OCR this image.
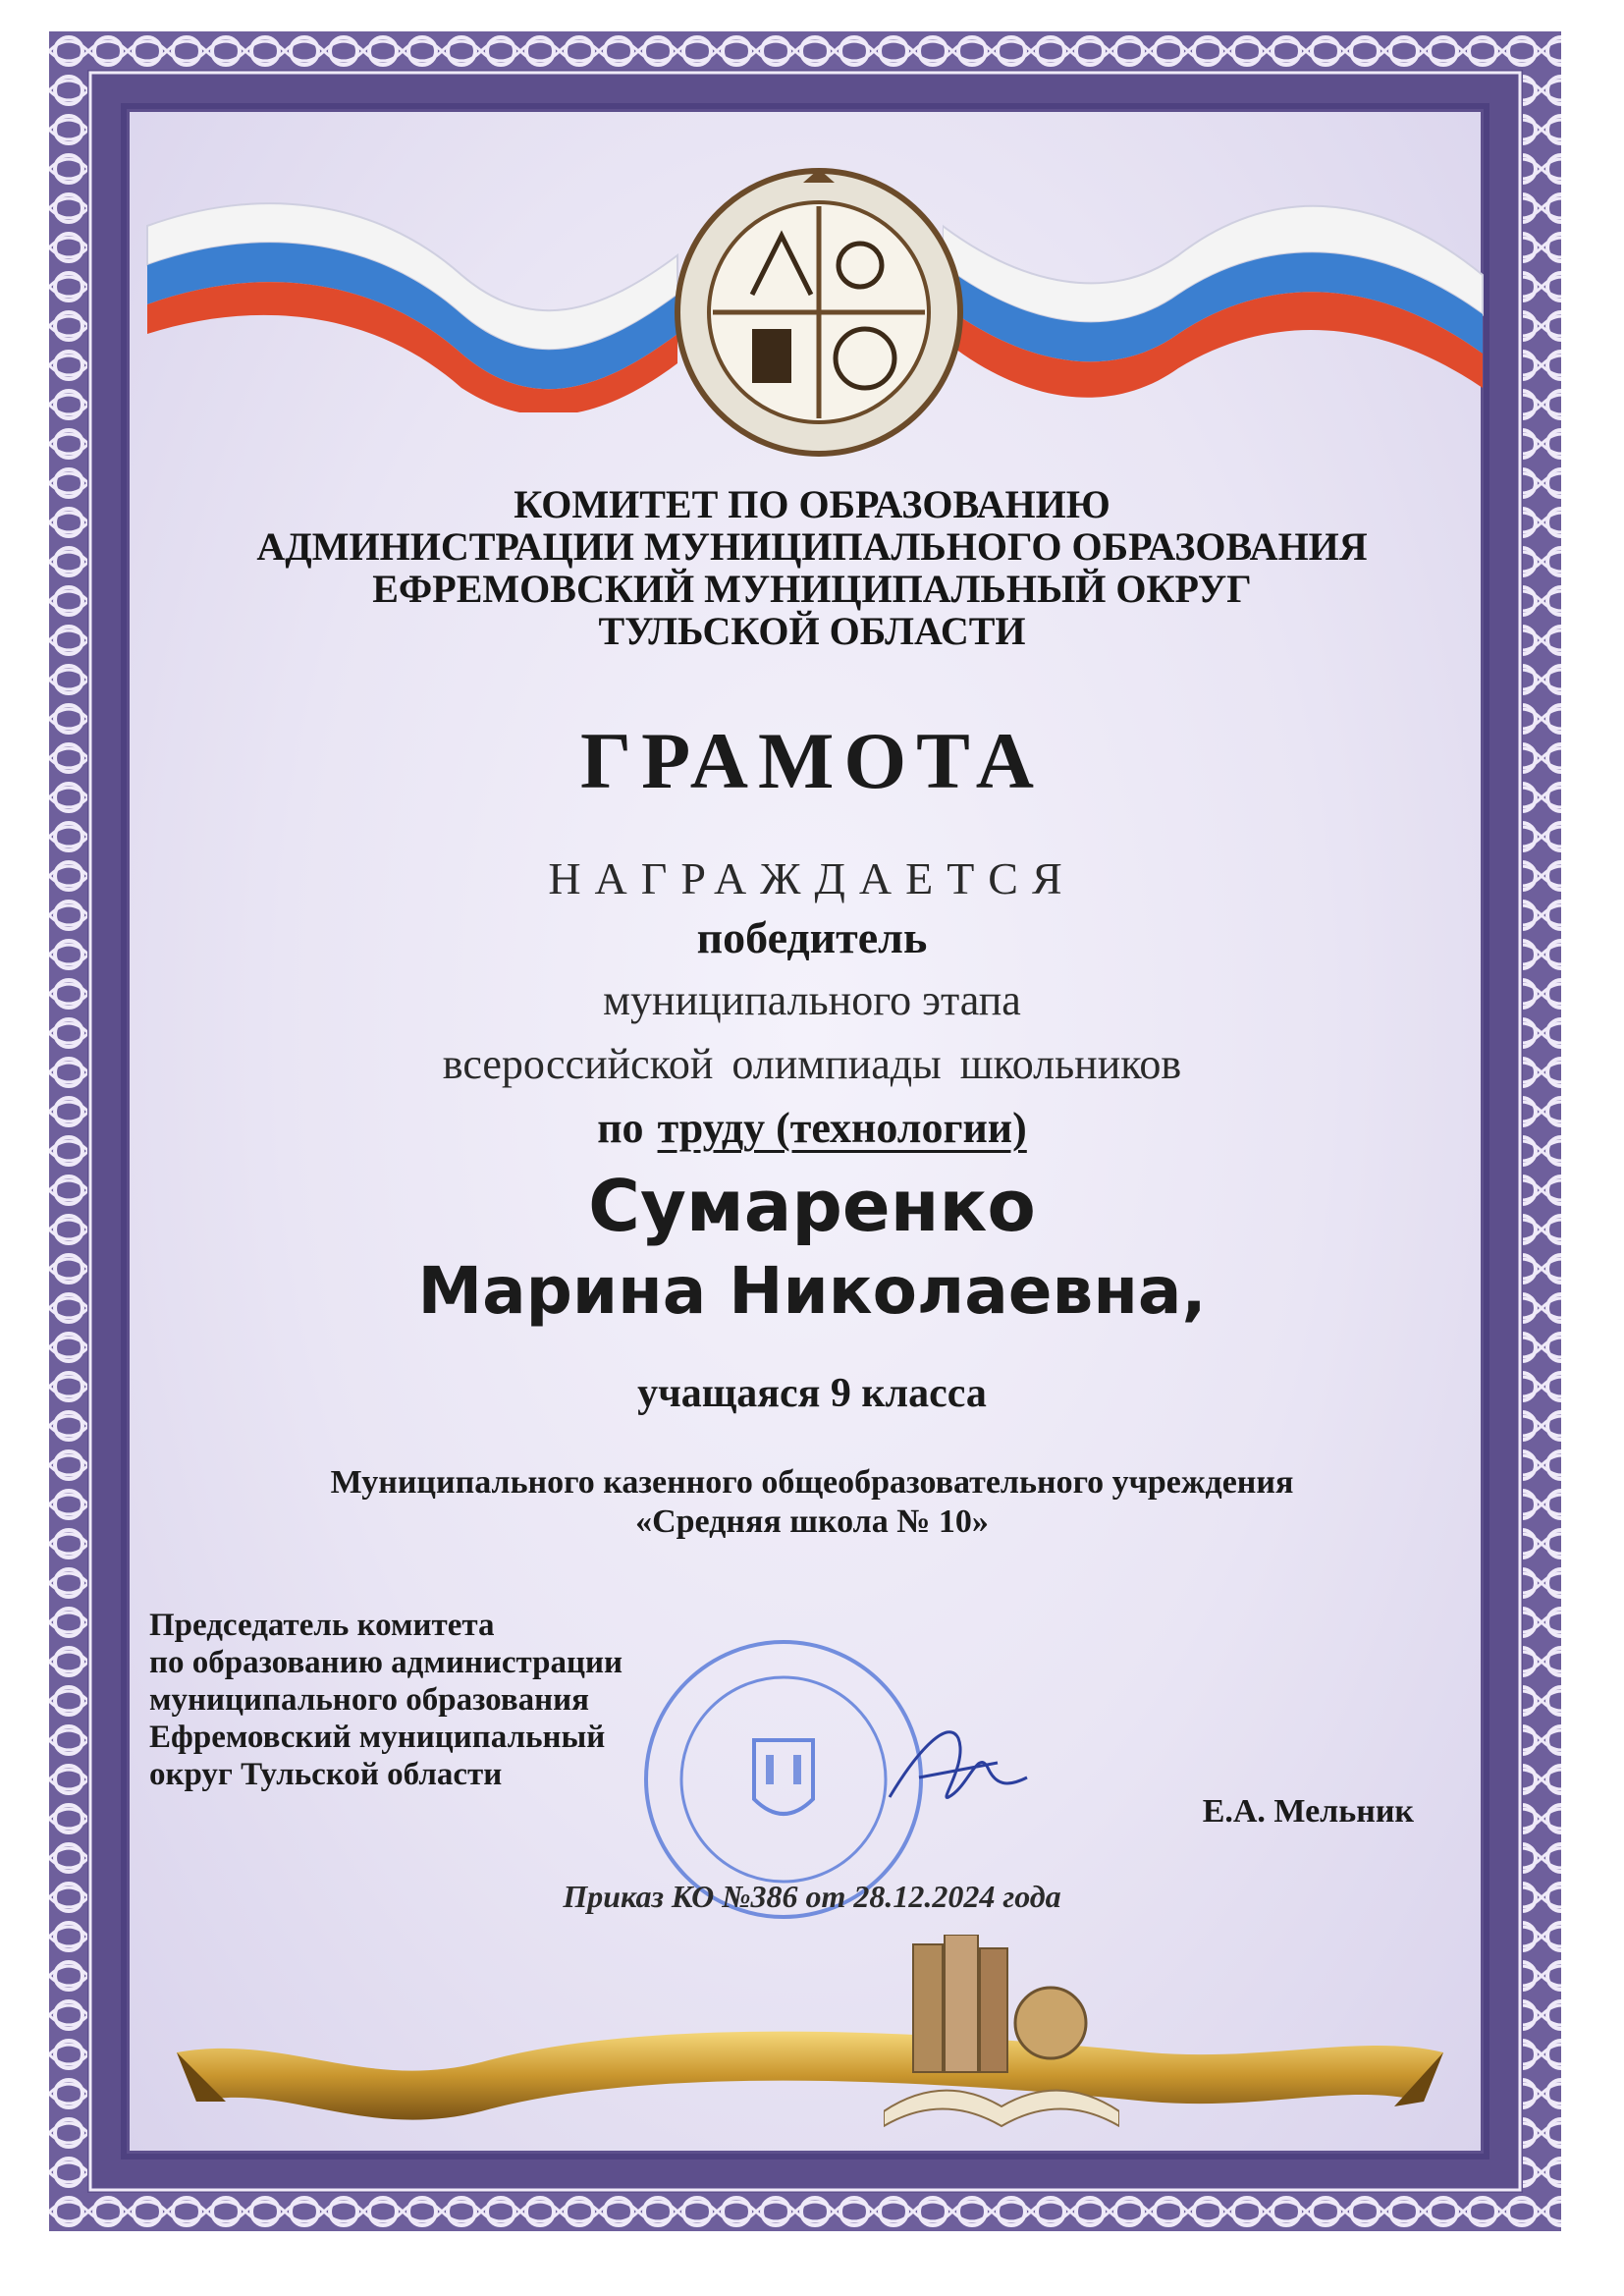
КОМИТЕТ ПО ОБРАЗОВАНИЮ
АДМИНИСТРАЦИИ МУНИЦИПАЛЬНОГО ОБРАЗОВАНИЯ
ЕФРЕМОВСКИЙ МУНИЦИПАЛЬНЫЙ ОКРУГ
ТУЛЬСКОЙ ОБЛАСТИ
ГРАМОТА
НАГРАЖДАЕТСЯ
победитель
муниципального этапа
всероссийской олимпиады школьников
по труду (технологии)
Сумаренко
Марина Николаевна,
учащаяся 9 класса
Муниципального казенного общеобразовательного учреждения
«Средняя школа № 10»
Председатель комитета
по образованию администрации
муниципального образования
Ефремовский муниципальный
округ Тульской области
Е.А. Мельник
Приказ КО №386 от 28.12.2024 года
